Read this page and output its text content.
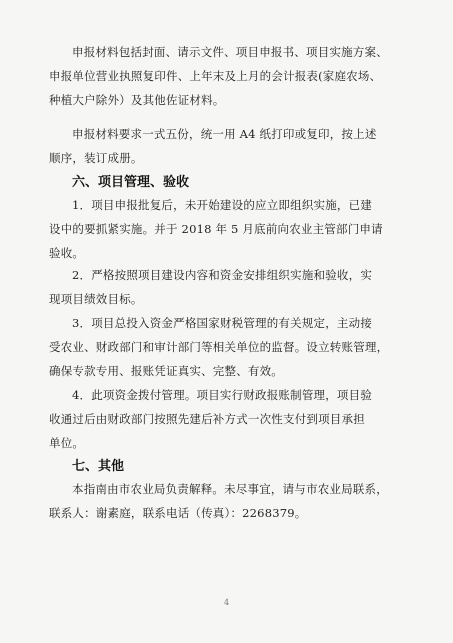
申报材料包括封面、请示文件、项目申报书、项目实施方案、
申报单位营业执照复印件、上年末及上月的会计报表(家庭农场、
种植大户除外）及其他佐证材料。

申报材料要求一式五份，统一用 A4 纸打印或复印，按上述
顺序，装订成册。

六、项目管理、验收

1．项目申报批复后，未开始建设的应立即组织实施，已建
设中的要抓紧实施。并于 2018 年 5 月底前向农业主管部门申请
验收。

2．严格按照项目建设内容和资金安排组织实施和验收，实
现项目绩效目标。

3．项目总投入资金严格国家财税管理的有关规定，主动接
受农业、财政部门和审计部门等相关单位的监督。设立转账管理，
确保专款专用、报账凭证真实、完整、有效。

4．此项资金拨付管理。项目实行财政报账制管理，项目验
收通过后由财政部门按照先建后补方式一次性支付到项目承担
单位。

七、其他

本指南由市农业局负责解释。未尽事宜，请与市农业局联系，
联系人：谢素庭，联系电话（传真）：2268379。

4
